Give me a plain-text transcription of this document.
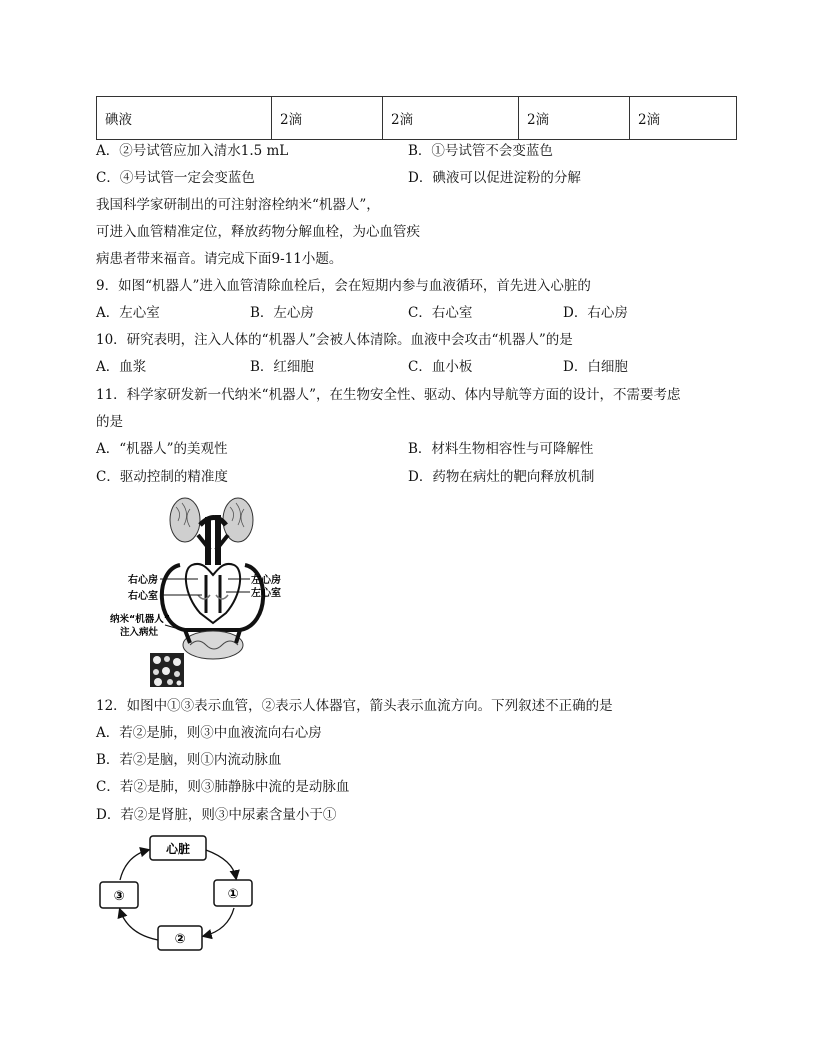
碘液	2滴	2滴	2滴	2滴
A．②号试管应加入清水1.5 mL	B．①号试管不会变蓝色
C．④号试管一定会变蓝色	D．碘液可以促进淀粉的分解
我国科学家研制出的可注射溶栓纳米“机器人”，
可进入血管精准定位，释放药物分解血栓，为心血管疾
病患者带来福音。请完成下面9-11小题。
9．如图“机器人”进入血管清除血栓后，会在短期内参与血液循环，首先进入心脏的
A．左心室	B．左心房	C．右心室	D．右心房
10．研究表明，注入人体的“机器人”会被人体清除。血液中会攻击“机器人”的是
A．血浆	B．红细胞	C．血小板	D．白细胞
11．科学家研发新一代纳米“机器人”，在生物安全性、驱动、体内导航等方面的设计，不需要考虑
的是
A．“机器人”的美观性	B．材料生物相容性与可降解性
C．驱动控制的精准度	D．药物在病灶的靶向释放机制
右心房
右心室
左心房
左心室
纳米“机器人”
注入病灶
12．如图中①③表示血管，②表示人体器官，箭头表示血流方向。下列叙述不正确的是
A．若②是肺，则③中血液流向右心房
B．若②是脑，则①内流动脉血
C．若②是肺，则③肺静脉中流的是动脉血
D．若②是肾脏，则③中尿素含量小于①
心脏
①
②
③
